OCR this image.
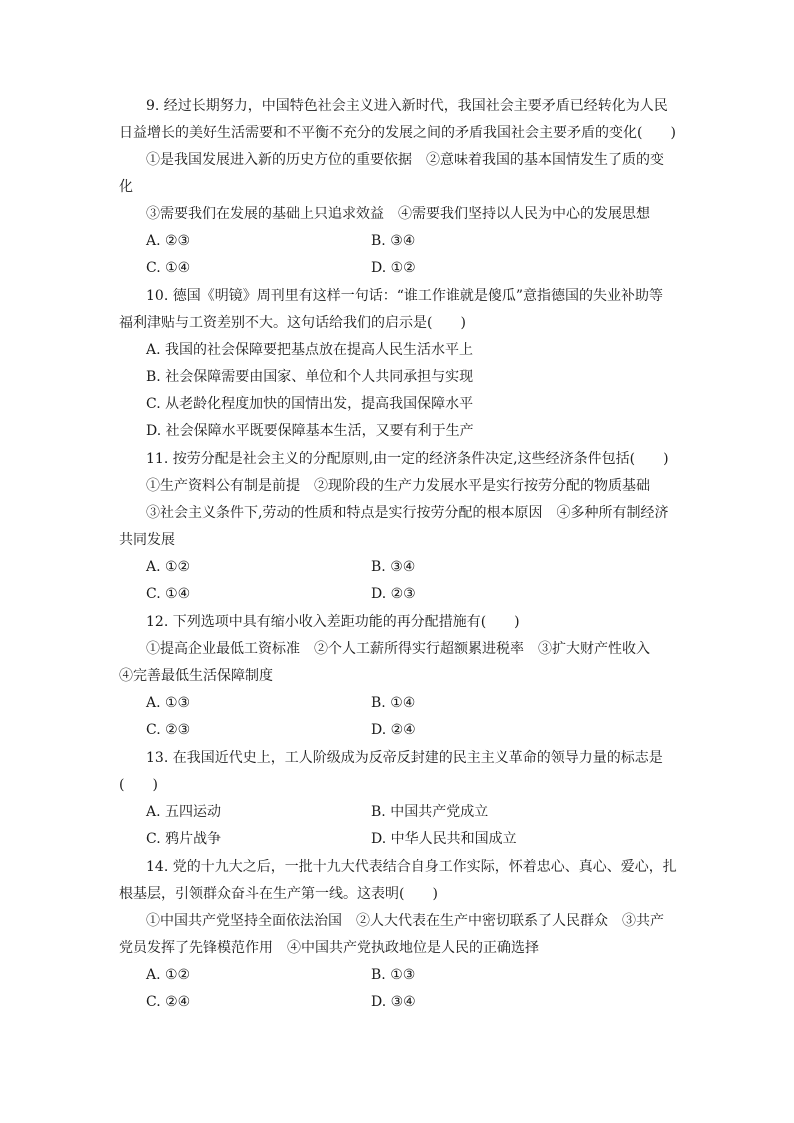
9. 经过长期努力，中国特色社会主义进入新时代，我国社会主要矛盾已经转化为人民
日益增长的美好生活需要和不平衡不充分的发展之间的矛盾我国社会主要矛盾的变化(　　)
①是我国发展进入新的历史方位的重要依据　②意味着我国的基本国情发生了质的变
化
③需要我们在发展的基础上只追求效益　④需要我们坚持以人民为中心的发展思想
A. ②③	B. ③④
C. ①④	D. ①②
10. 德国《明镜》周刊里有这样一句话：“谁工作谁就是傻瓜”意指德国的失业补助等
福利津贴与工资差别不大。这句话给我们的启示是(　　)
A. 我国的社会保障要把基点放在提高人民生活水平上
B. 社会保障需要由国家、单位和个人共同承担与实现
C. 从老龄化程度加快的国情出发，提高我国保障水平
D. 社会保障水平既要保障基本生活，又要有利于生产
11. 按劳分配是社会主义的分配原则,由一定的经济条件决定,这些经济条件包括(　　)
①生产资料公有制是前提　②现阶段的生产力发展水平是实行按劳分配的物质基础
③社会主义条件下,劳动的性质和特点是实行按劳分配的根本原因　④多种所有制经济
共同发展
A. ①②	B. ③④
C. ①④	D. ②③
12. 下列选项中具有缩小收入差距功能的再分配措施有(　　)
①提高企业最低工资标准　②个人工薪所得实行超额累进税率　③扩大财产性收入
④完善最低生活保障制度
A. ①③	B. ①④
C. ②③	D. ②④
13. 在我国近代史上，工人阶级成为反帝反封建的民主主义革命的领导力量的标志是
(　　)
A. 五四运动	B. 中国共产党成立
C. 鸦片战争	D. 中华人民共和国成立
14. 党的十九大之后，一批十九大代表结合自身工作实际，怀着忠心、真心、爱心，扎
根基层，引领群众奋斗在生产第一线。这表明(　　)
①中国共产党坚持全面依法治国　②人大代表在生产中密切联系了人民群众　③共产
党员发挥了先锋模范作用　④中国共产党执政地位是人民的正确选择
A. ①②	B. ①③
C. ②④	D. ③④
